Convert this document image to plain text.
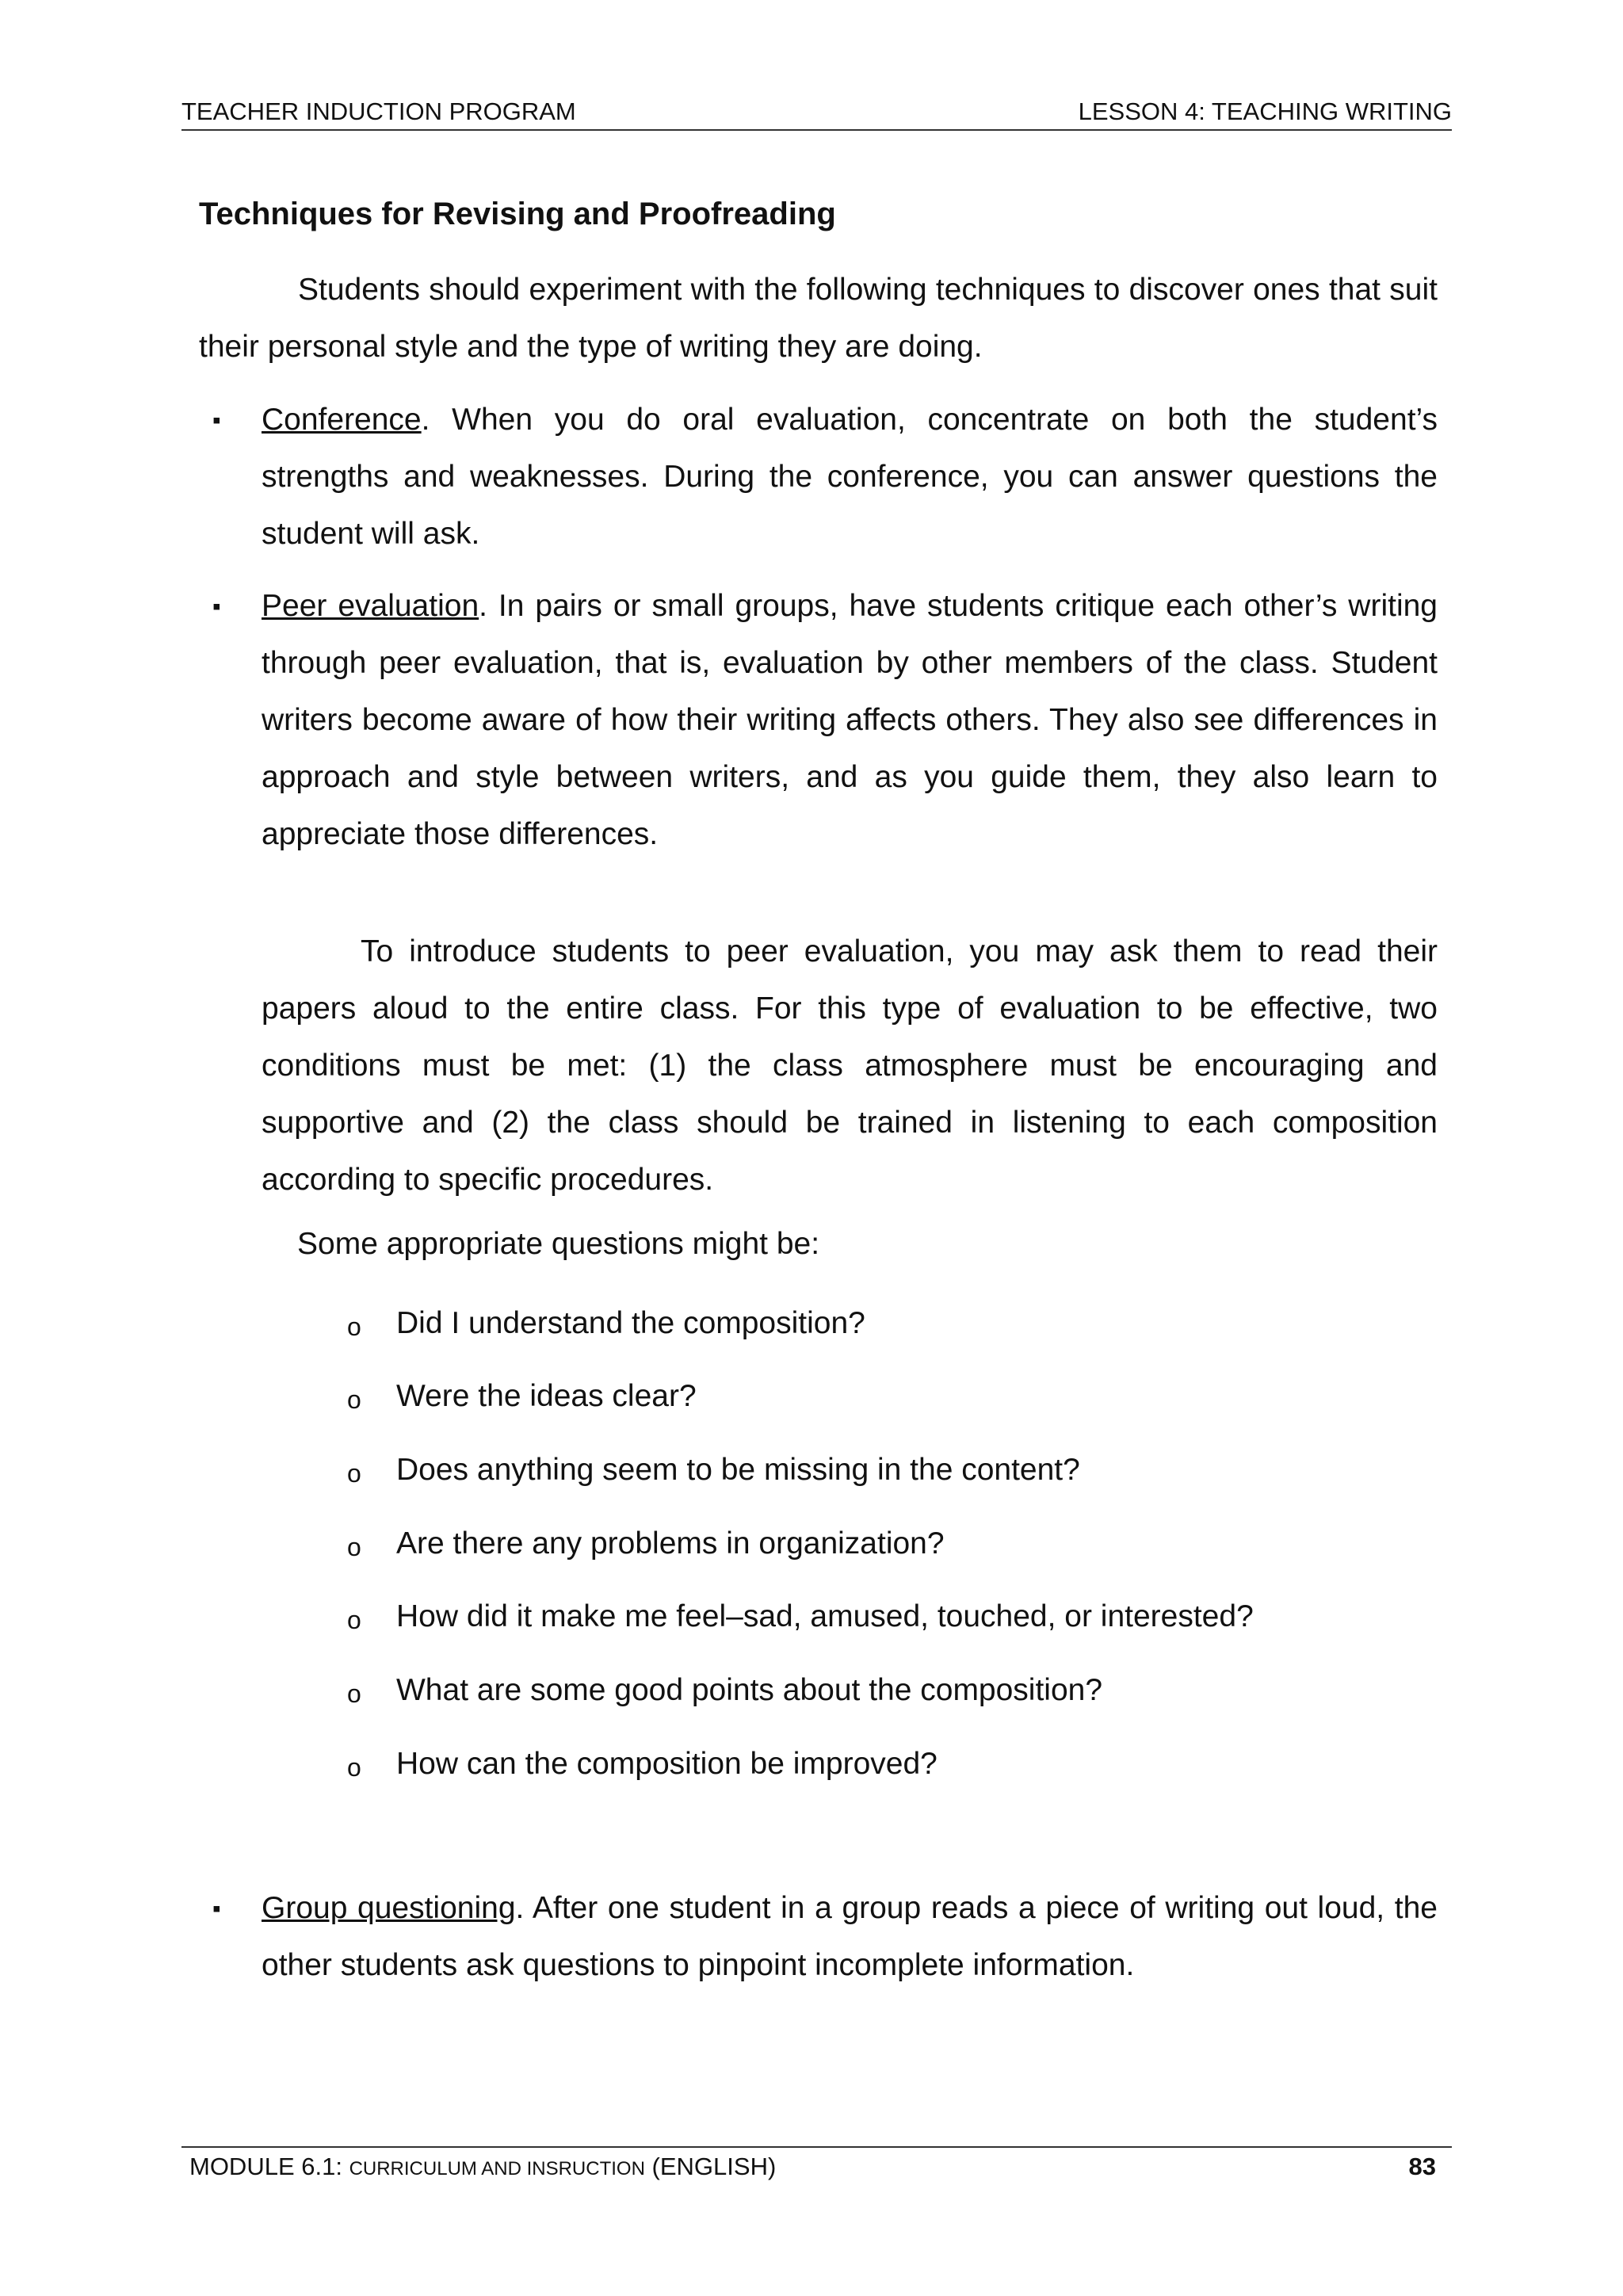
TEACHER INDUCTION PROGRAM	LESSON 4: TEACHING WRITING
Techniques for Revising and Proofreading
Students should experiment with the following techniques to discover ones that suit their personal style and the type of writing they are doing.
▪ Conference. When you do oral evaluation, concentrate on both the student’s strengths and weaknesses. During the conference, you can answer questions the student will ask.
▪ Peer evaluation. In pairs or small groups, have students critique each other’s writing through peer evaluation, that is, evaluation by other members of the class. Student writers become aware of how their writing affects others. They also see differences in approach and style between writers, and as you guide them, they also learn to appreciate those differences.
To introduce students to peer evaluation, you may ask them to read their papers aloud to the entire class. For this type of evaluation to be effective, two conditions must be met: (1) the class atmosphere must be encouraging and supportive and (2) the class should be trained in listening to each composition according to specific procedures.
Some appropriate questions might be:
o Did I understand the composition?
o Were the ideas clear?
o Does anything seem to be missing in the content?
o Are there any problems in organization?
o How did it make me feel–sad, amused, touched, or interested?
o What are some good points about the composition?
o How can the composition be improved?
▪ Group questioning. After one student in a group reads a piece of writing out loud, the other students ask questions to pinpoint incomplete information.
MODULE 6.1: CURRICULUM AND INSRUCTION (ENGLISH)	83
